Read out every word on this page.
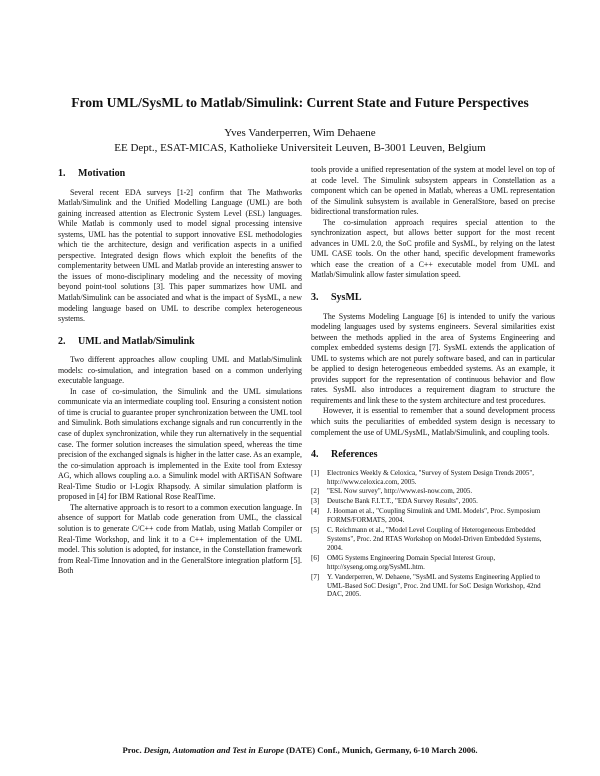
From UML/SysML to Matlab/Simulink: Current State and Future Perspectives
Yves Vanderperren, Wim Dehaene
EE Dept., ESAT-MICAS, Katholieke Universiteit Leuven, B-3001 Leuven, Belgium
1. Motivation

Several recent EDA surveys [1-2] confirm that The Mathworks Matlab/Simulink and the Unified Modelling Language (UML) are both gaining increased attention as Electronic System Level (ESL) languages. While Matlab is commonly used to model signal processing intensive systems, UML has the potential to support innovative ESL methodologies which tie the architecture, design and verification aspects in a unified perspective. Integrated design flows which exploit the benefits of the complementarity between UML and Matlab provide an interesting answer to the issues of mono-disciplinary modeling and the necessity of moving beyond point-tool solutions [3]. This paper summarizes how UML and Matlab/Simulink can be associated and what is the impact of SysML, a new modeling language based on UML to describe complex heterogeneous systems.

2. UML and Matlab/Simulink

Two different approaches allow coupling UML and Matlab/Simulink models: co-simulation, and integration based on a common underlying executable language.

In case of co-simulation, the Simulink and the UML simulations communicate via an intermediate coupling tool. Ensuring a consistent notion of time is crucial to guarantee proper synchronization between the UML tool and Simulink. Both simulations exchange signals and run concurrently in the case of duplex synchronization, while they run alternatively in the sequential case. The former solution increases the simulation speed, whereas the time precision of the exchanged signals is higher in the latter case. As an example, the co-simulation approach is implemented in the Exite tool from Extessy AG, which allows coupling a.o. a Simulink model with ARTiSAN Software Real-Time Studio or I-Logix Rhapsody. A similar simulation platform is proposed in [4] for IBM Rational Rose RealTime.

The alternative approach is to resort to a common execution language. In absence of support for Matlab code generation from UML, the classical solution is to generate C/C++ code from Matlab, using Matlab Compiler or Real-Time Workshop, and link it to a C++ implementation of the UML model. This solution is adopted, for instance, in the Constellation framework from Real-Time Innovation and in the GeneralStore integration platform [5]. Both

tools provide a unified representation of the system at model level on top of at code level. The Simulink subsystem appears in Constellation as a component which can be opened in Matlab, whereas a UML representation of the Simulink subsystem is available in GeneralStore, based on precise bidirectional transformation rules.

The co-simulation approach requires special attention to the synchronization aspect, but allows better support for the most recent advances in UML 2.0, the SoC profile and SysML, by relying on the latest UML CASE tools. On the other hand, specific development frameworks which ease the creation of a C++ executable model from UML and Matlab/Simulink allow faster simulation speed.

3. SysML

The Systems Modeling Language [6] is intended to unify the various modeling languages used by systems engineers. Several similarities exist between the methods applied in the area of Systems Engineering and complex embedded systems design [7]. SysML extends the application of UML to systems which are not purely software based, and can in particular be applied to design heterogeneous embedded systems. As an example, it provides support for the representation of continuous behavior and flow rates. SysML also introduces a requirement diagram to structure the requirements and link these to the system architecture and test procedures.

However, it is essential to remember that a sound development process which suits the peculiarities of embedded system design is necessary to complement the use of UML/SysML, Matlab/Simulink, and coupling tools.

4. References
[1]	Electronics Weekly & Celoxica, "Survey of System Design Trends 2005", http://www.celoxica.com, 2005.
[2]	"ESL Now survey", http://www.esl-now.com, 2005.
[3]	Deutsche Bank F.I.T.T., "EDA Survey Results", 2005.
[4]	J. Hooman et al., "Coupling Simulink and UML Models", Proc. Symposium FORMS/FORMATS, 2004.
[5]	C. Reichmann et al., "Model Level Coupling of Heterogeneous Embedded Systems", Proc. 2nd RTAS Workshop on Model-Driven Embedded Systems, 2004.
[6]	OMG Systems Engineering Domain Special Interest Group, http://syseng.omg.org/SysML.htm.
[7]	Y. Vanderperren, W. Dehaene, "SysML and Systems Engineering Applied to UML-Based SoC Design", Proc. 2nd UML for SoC Design Workshop, 42nd DAC, 2005.
Proc. Design, Automation and Test in Europe (DATE) Conf., Munich, Germany, 6-10 March 2006.
